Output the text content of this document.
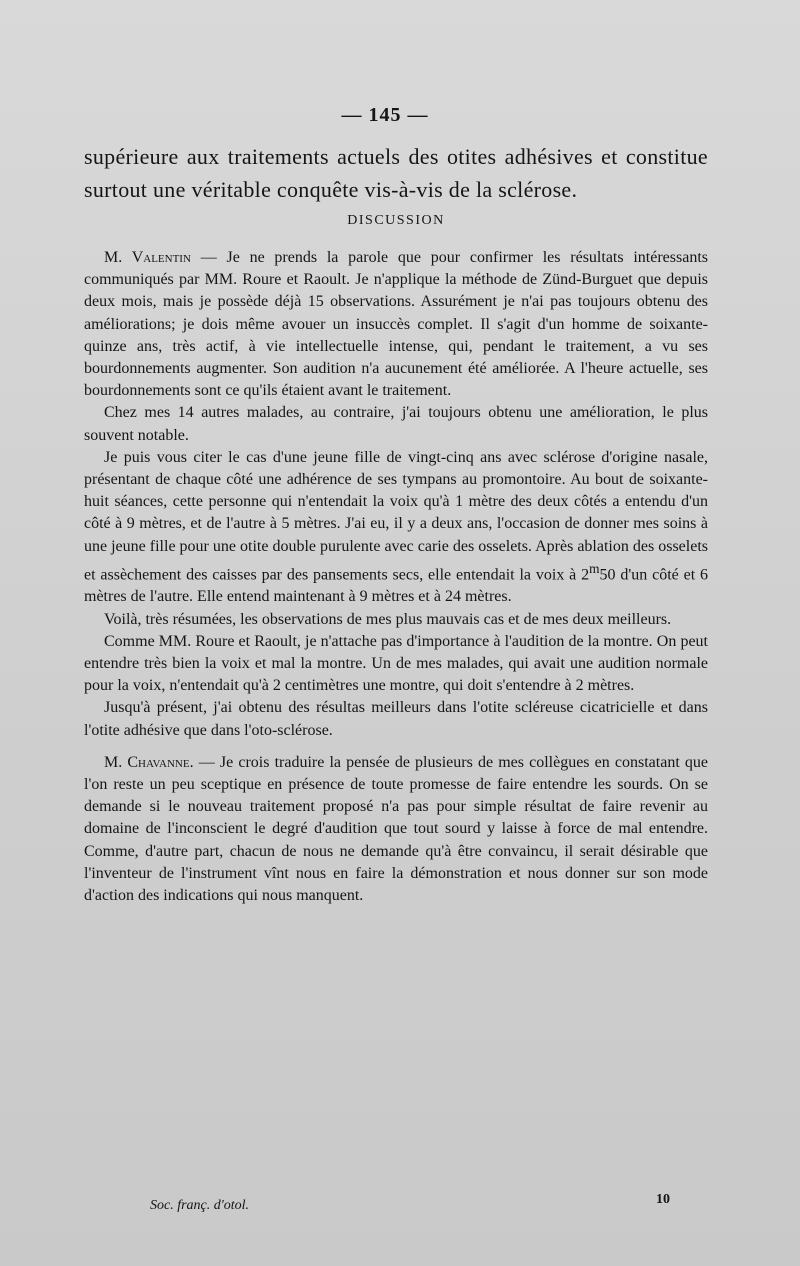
— 145 —

supérieure aux traitements actuels des otites adhésives et constitue surtout une véritable conquête vis-à-vis de la sclérose.

DISCUSSION

M. Valentin — Je ne prends la parole que pour confirmer les résultats intéressants communiqués par MM. Roure et Raoult. Je n'applique la méthode de Zünd-Burguet que depuis deux mois, mais je possède déjà 15 observations. Assurément je n'ai pas toujours obtenu des améliorations; je dois même avouer un insuccès complet. Il s'agit d'un homme de soixante-quinze ans, très actif, à vie intellectuelle intense, qui, pendant le traitement, a vu ses bourdonnements augmenter. Son audition n'a aucunement été améliorée. A l'heure actuelle, ses bourdonnements sont ce qu'ils étaient avant le traitement.

Chez mes 14 autres malades, au contraire, j'ai toujours obtenu une amélioration, le plus souvent notable.

Je puis vous citer le cas d'une jeune fille de vingt-cinq ans avec sclérose d'origine nasale, présentant de chaque côté une adhérence de ses tympans au promontoire. Au bout de soixante-huit séances, cette personne qui n'entendait la voix qu'à 1 mètre des deux côtés a entendu d'un côté à 9 mètres, et de l'autre à 5 mètres. J'ai eu, il y a deux ans, l'occasion de donner mes soins à une jeune fille pour une otite double purulente avec carie des osselets. Après ablation des osselets et assèchement des caisses par des pansements secs, elle entendait la voix à 2$^m$50 d'un côté et 6 mètres de l'autre. Elle entend maintenant à 9 mètres et à 24 mètres.

Voilà, très résumées, les observations de mes plus mauvais cas et de mes deux meilleurs.

Comme MM. Roure et Raoult, je n'attache pas d'importance à l'audition de la montre. On peut entendre très bien la voix et mal la montre. Un de mes malades, qui avait une audition normale pour la voix, n'entendait qu'à 2 centimètres une montre, qui doit s'entendre à 2 mètres.

Jusqu'à présent, j'ai obtenu des résultas meilleurs dans l'otite scléreuse cicatricielle et dans l'otite adhésive que dans l'oto-sclérose.

M. Chavanne. — Je crois traduire la pensée de plusieurs de mes collègues en constatant que l'on reste un peu sceptique en présence de toute promesse de faire entendre les sourds. On se demande si le nouveau traitement proposé n'a pas pour simple résultat de faire revenir au domaine de l'inconscient le degré d'audition que tout sourd y laisse à force de mal entendre. Comme, d'autre part, chacun de nous ne demande qu'à être convaincu, il serait désirable que l'inventeur de l'instrument vînt nous en faire la démonstration et nous donner sur son mode d'action des indications qui nous manquent.

Soc. franç. d'otol.	10
